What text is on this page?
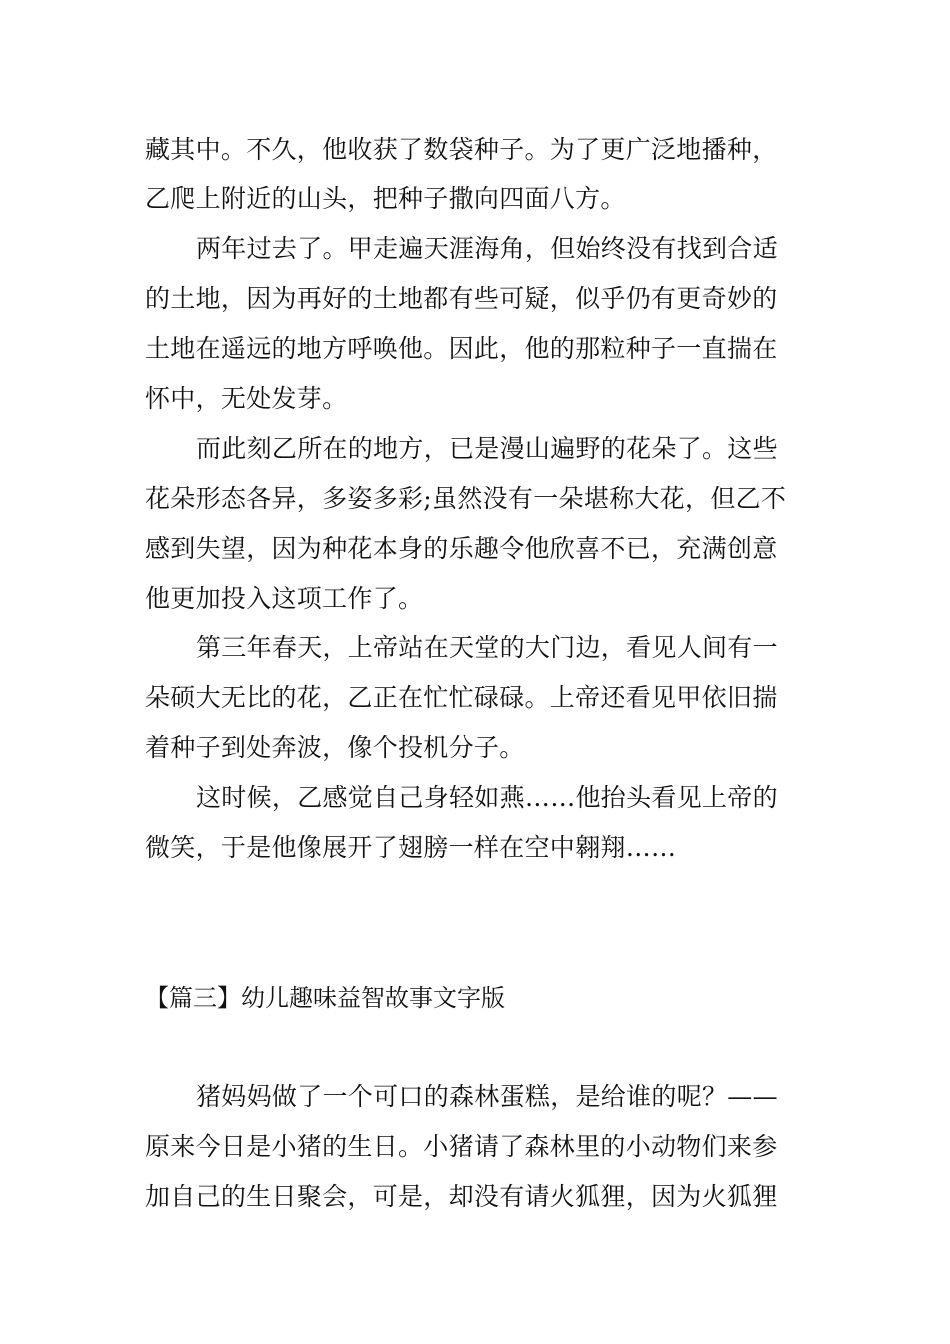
藏其中。不久，他收获了数袋种子。为了更广泛地播种，
乙爬上附近的山头，把种子撒向四面八方。
两年过去了。甲走遍天涯海角，但始终没有找到合适
的土地，因为再好的土地都有些可疑，似乎仍有更奇妙的
土地在遥远的地方呼唤他。因此，他的那粒种子一直揣在
怀中，无处发芽。
而此刻乙所在的地方，已是漫山遍野的花朵了。这些
花朵形态各异，多姿多彩;虽然没有一朵堪称大花，但乙不
感到失望，因为种花本身的乐趣令他欣喜不已，充满创意
他更加投入这项工作了。
第三年春天，上帝站在天堂的大门边，看见人间有一
朵硕大无比的花，乙正在忙忙碌碌。上帝还看见甲依旧揣
着种子到处奔波，像个投机分子。
这时候，乙感觉自己身轻如燕……他抬头看见上帝的
微笑，于是他像展开了翅膀一样在空中翱翔……
【篇三】幼儿趣味益智故事文字版
猪妈妈做了一个可口的森林蛋糕，是给谁的呢？——
原来今日是小猪的生日。小猪请了森林里的小动物们来参
加自己的生日聚会，可是，却没有请火狐狸，因为火狐狸
